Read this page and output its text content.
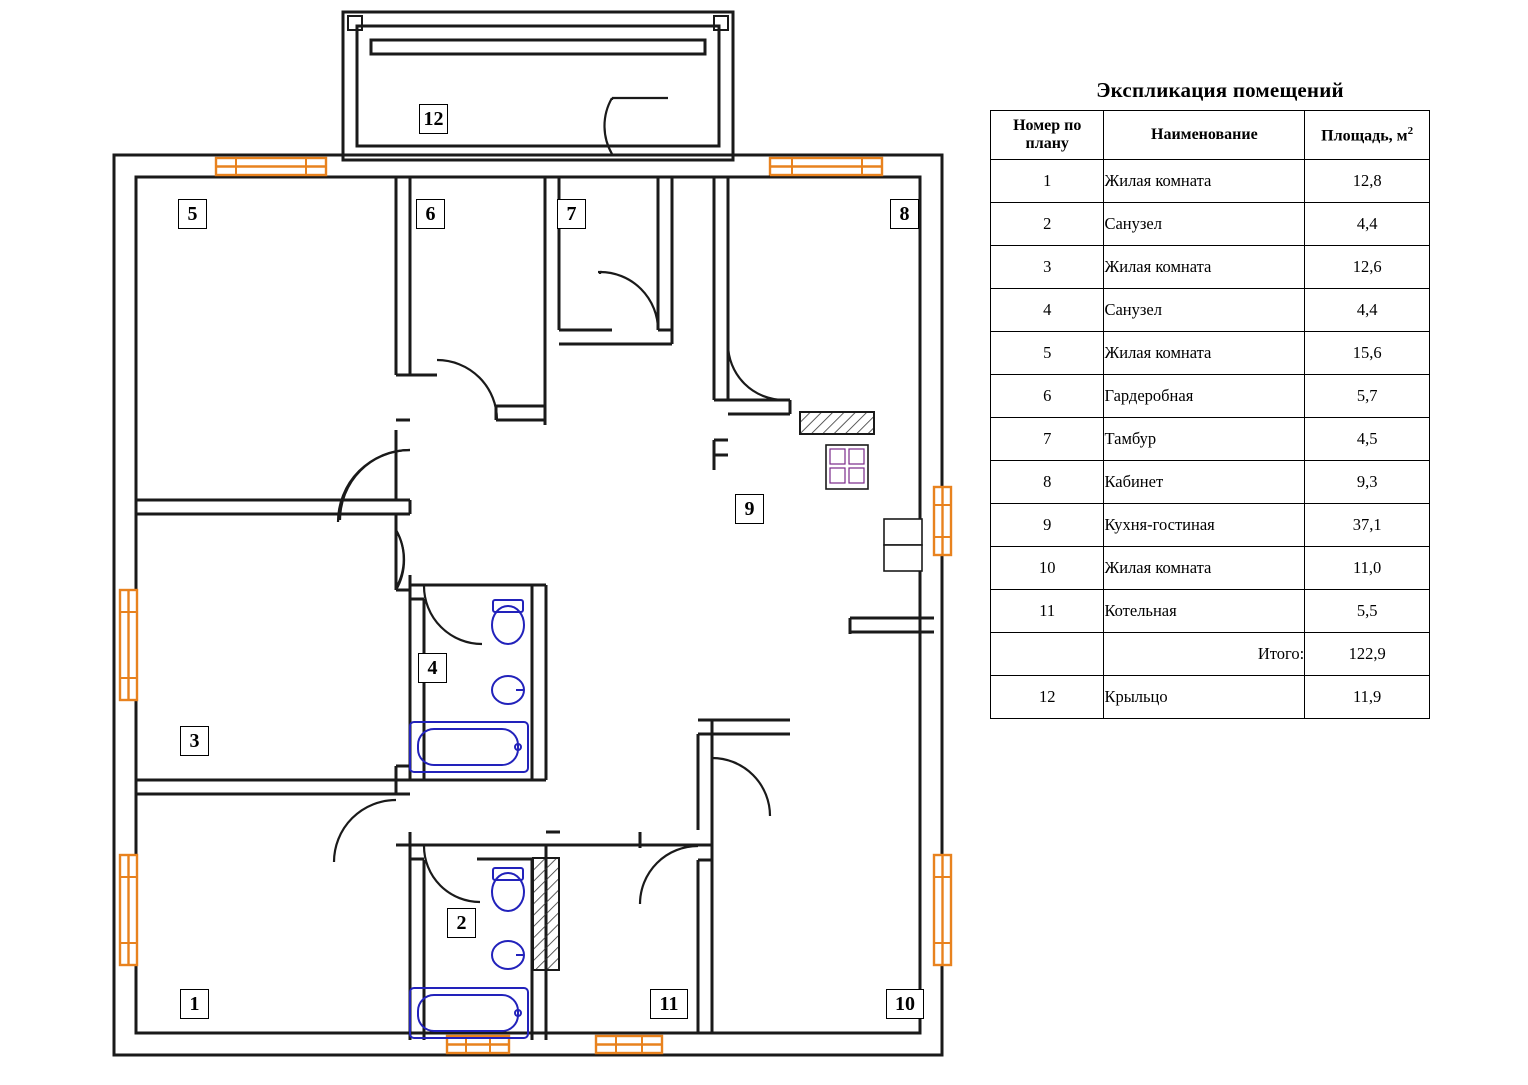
12
5	6	7	8
9
4
3
2
1	11	10
Экспликация помещений
Номер по плану	Наименование	Площадь, $м^2$
1	Жилая комната	12,8
2	Санузел	4,4
3	Жилая комната	12,6
4	Санузел	4,4
5	Жилая комната	15,6
6	Гардеробная	5,7
7	Тамбур	4,5
8	Кабинет	9,3
9	Кухня-гостиная	37,1
10	Жилая комната	11,0
11	Котельная	5,5
	Итого:	122,9
12	Крыльцо	11,9
